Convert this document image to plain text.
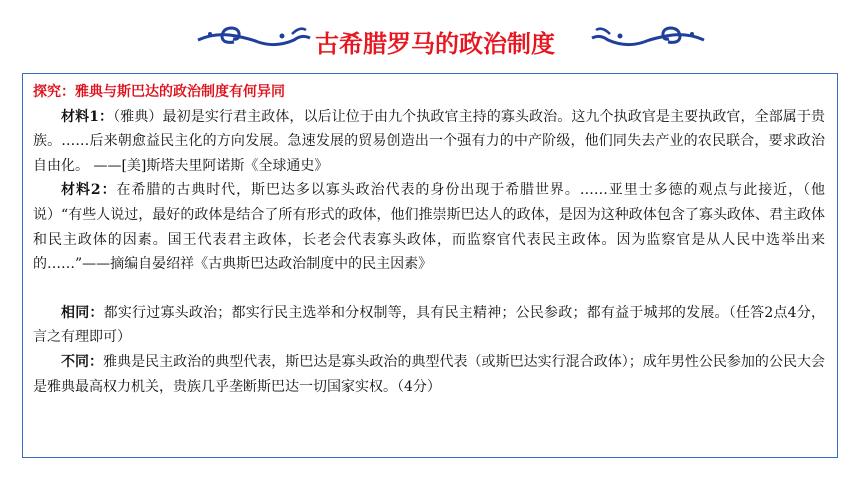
古希腊罗马的政治制度
探究：雅典与斯巴达的政治制度有何异同

材料1：（雅典）最初是实行君主政体，以后让位于由九个执政官主持的寡头政治。这九个执政官是主要执政官，全部属于贵族。……后来朝愈益民主化的方向发展。急速发展的贸易创造出一个强有力的中产阶级，他们同失去产业的农民联合，要求政治自由化。 ——[美]斯塔夫里阿诺斯《全球通史》

材料2：在希腊的古典时代，斯巴达多以寡头政治代表的身份出现于希腊世界。……亚里士多德的观点与此接近，（他说）“有些人说过，最好的政体是结合了所有形式的政体，他们推崇斯巴达人的政体，是因为这种政体包含了寡头政体、君主政体和民主政体的因素。国王代表君主政体，长老会代表寡头政体，而监察官代表民主政体。因为监察官是从人民中选举出来的……”——摘编自晏绍祥《古典斯巴达政治制度中的民主因素》

相同：都实行过寡头政治；都实行民主选举和分权制等，具有民主精神；公民参政；都有益于城邦的发展。（任答2点4分，言之有理即可）

不同：雅典是民主政治的典型代表，斯巴达是寡头政治的典型代表（或斯巴达实行混合政体）；成年男性公民参加的公民大会是雅典最高权力机关，贵族几乎垄断斯巴达一切国家实权。（4分）
